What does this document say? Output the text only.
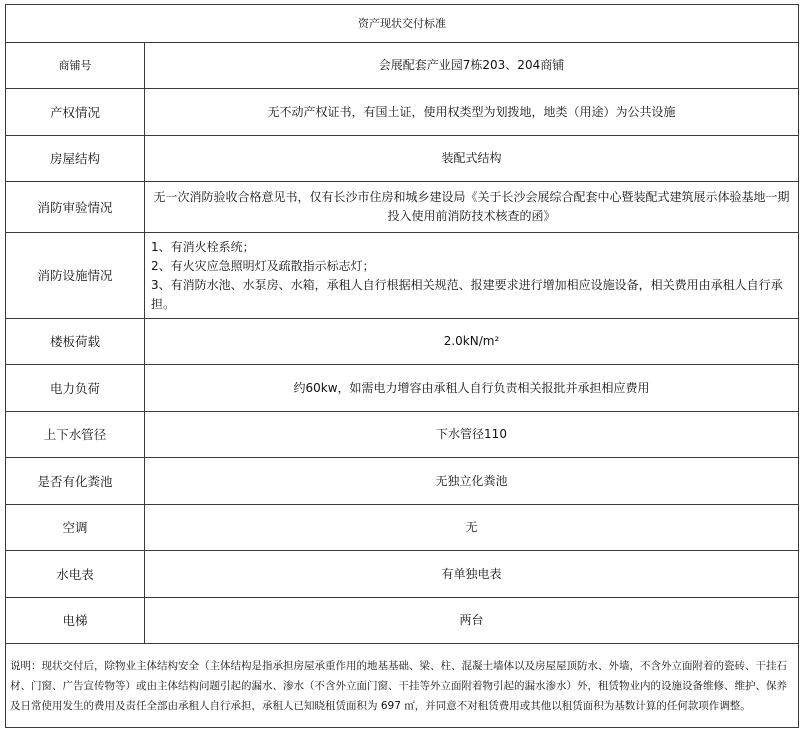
资产现状交付标准	
商铺号	会展配套产业园7栋203、204商铺
产权情况	无不动产权证书，有国土证，使用权类型为划拨地，地类（用途）为公共设施
房屋结构	装配式结构
消防审验情况	无一次消防验收合格意见书，仅有长沙市住房和城乡建设局《关于长沙会展综合配套中心暨装配式建筑展示体验基地一期投入使用前消防技术核查的函》
消防设施情况	1、有消火栓系统；
2、有火灾应急照明灯及疏散指示标志灯；
3、有消防水池、水泵房、水箱，承租人自行根据相关规范、报建要求进行增加相应设施设备，相关费用由承租人自行承担。

楼板荷载	2.0kN/m²
电力负荷	约60kw，如需电力增容由承租人自行负责相关报批并承担相应费用
上下水管径	下水管径110
是否有化粪池	无独立化粪池
空调	无
水电表	有单独电表
电梯	两台
说明：现状交付后，除物业主体结构安全（主体结构是指承担房屋承重作用的地基基础、梁、柱、混凝土墙体以及房屋屋顶防水、外墙，不含外立面附着的瓷砖、干挂石材、门窗、广告宣传物等）或由主体结构问题引起的漏水、渗水（不含外立面门窗、干挂等外立面附着物引起的漏水渗水）外，租赁物业内的设施设备维修、维护、保养及日常使用发生的费用及责任全部由承租人自行承担，承租人已知晓租赁面积为 697 ㎡，并同意不对租赁费用或其他以租赁面积为基数计算的任何款项作调整。	
